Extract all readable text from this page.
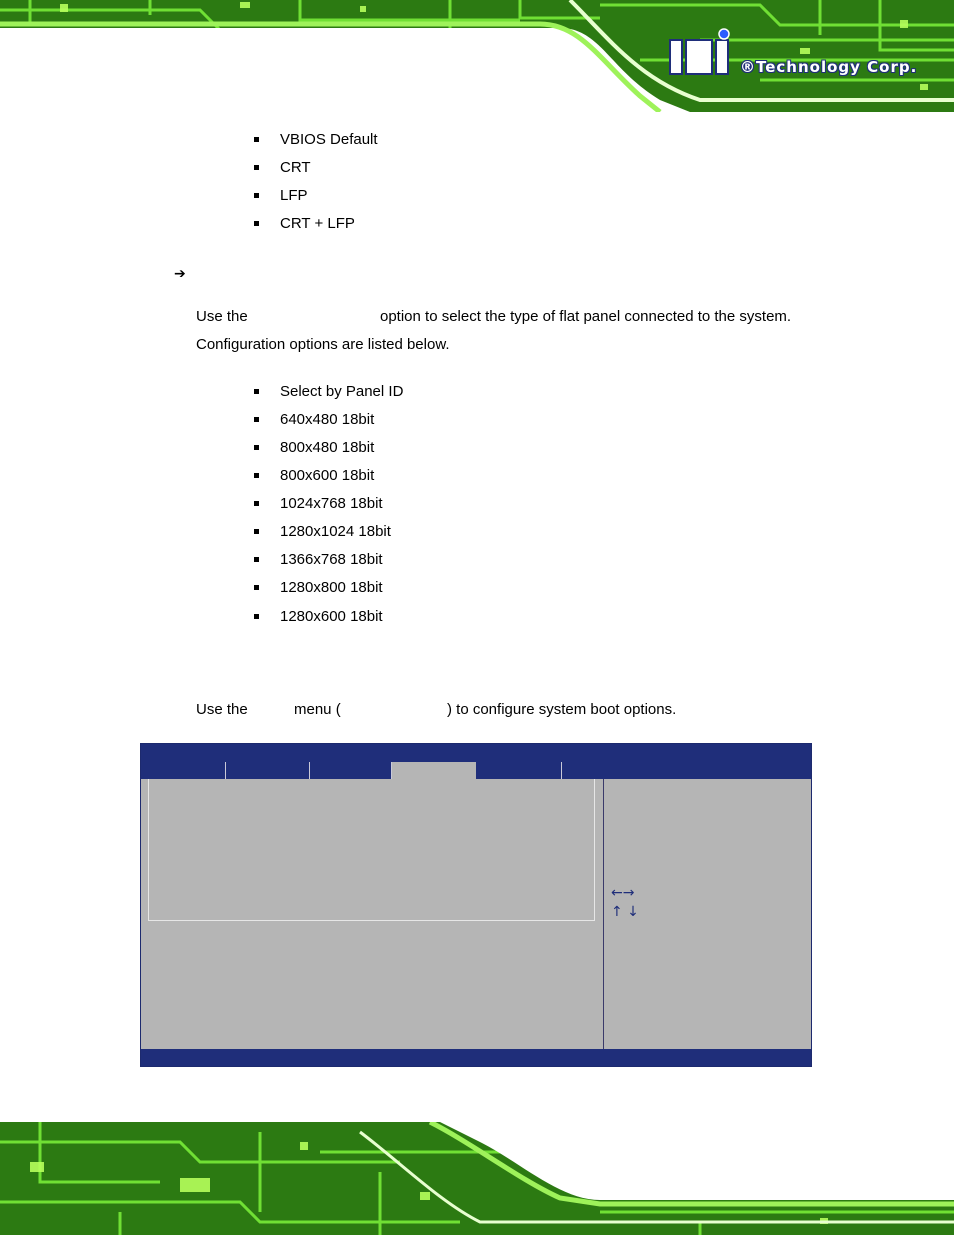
®Technology Corp.
VBIOS Default
CRT
LFP
CRT + LFP
➔
Use the	option to select the type of flat panel connected to the system.
Configuration options are listed below.
Select by Panel ID
640x480 18bit
800x480 18bit
800x600 18bit
1024x768 18bit
1280x1024 18bit
1366x768 18bit
1280x800 18bit
1280x600 18bit
Use the	menu (	) to configure system boot options.
←→
↑ ↓
